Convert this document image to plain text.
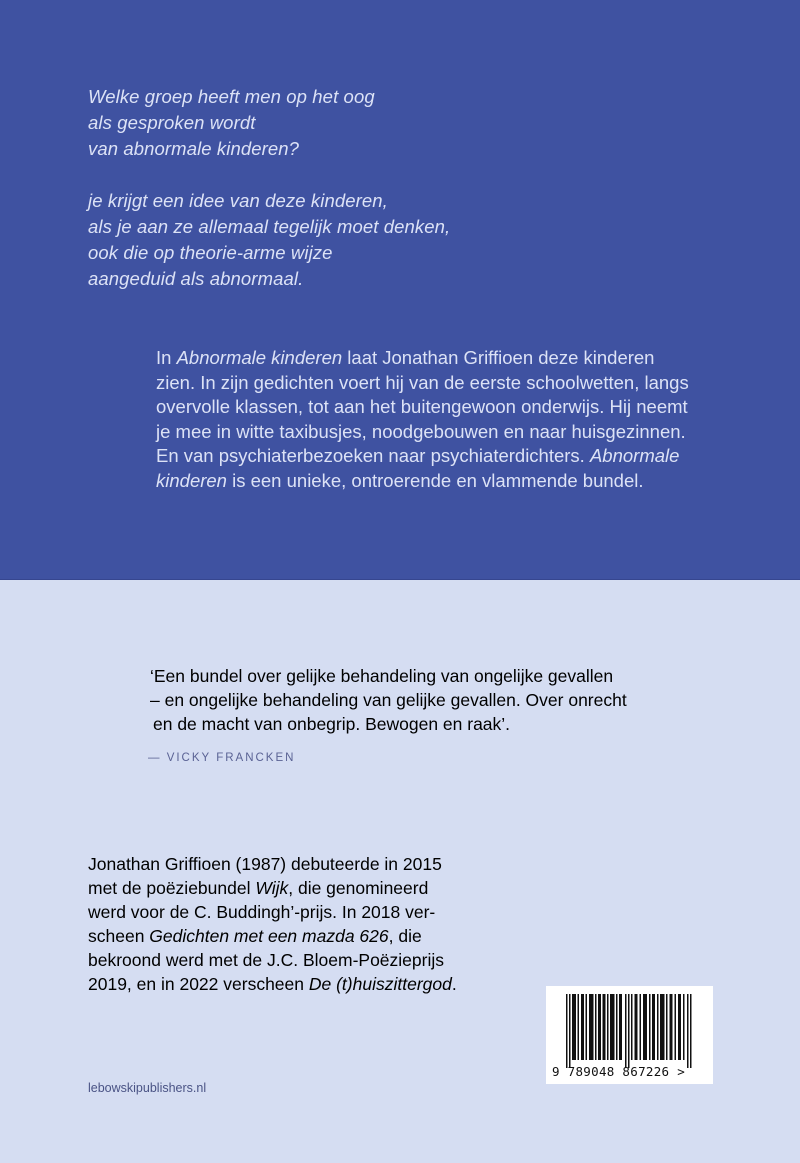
Welke groep heeft men op het oog
als gesproken wordt
van abnormale kinderen?
je krijgt een idee van deze kinderen,
als je aan ze allemaal tegelijk moet denken,
ook die op theorie-arme wijze
aangeduid als abnormaal.
In Abnormale kinderen laat Jonathan Griffioen deze kinderen
zien. In zijn gedichten voert hij van de eerste schoolwetten, langs
overvolle klassen, tot aan het buitengewoon onderwijs. Hij neemt
je mee in witte taxibusjes, noodgebouwen en naar huisgezinnen.
En van psychiaterbezoeken naar psychiaterdichters. Abnormale
kinderen is een unieke, ontroerende en vlammende bundel.
‘Een bundel over gelijke behandeling van ongelijke gevallen
– en ongelijke behandeling van gelijke gevallen. Over onrecht
en de macht van onbegrip. Bewogen en raak’.
— VICKY FRANCKEN
Jonathan Griffioen (1987) debuteerde in 2015
met de poëziebundel Wijk, die genomineerd
werd voor de C. Buddingh’-prijs. In 2018 ver-
scheen Gedichten met een mazda 626, die
bekroond werd met de J.C. Bloem-Poëzieprijs
2019, en in 2022 verscheen De (t)huiszittergod.
lebowskipublishers.nl
9 789048 867226 >
